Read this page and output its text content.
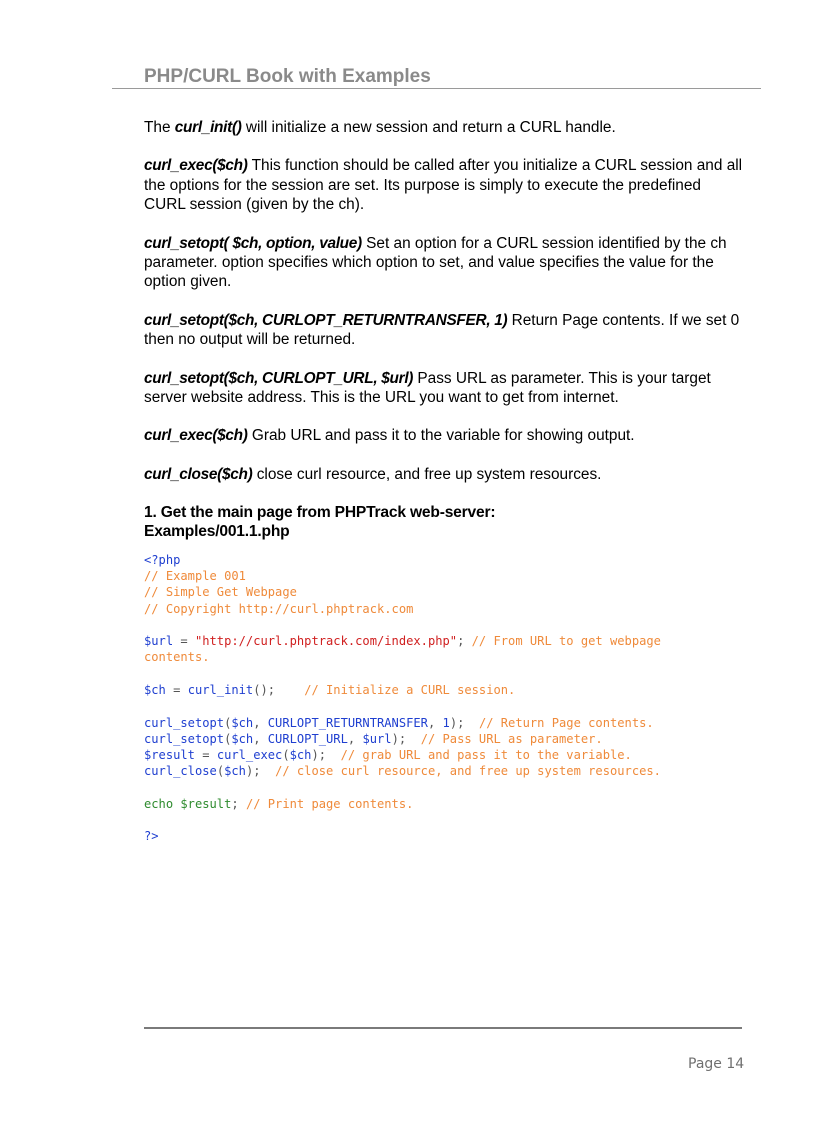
PHP/CURL Book with Examples

The curl_init() will initialize a new session and return a CURL handle.

curl_exec($ch) This function should be called after you initialize a CURL session and all the options for the session are set. Its purpose is simply to execute the predefined CURL session (given by the ch).

curl_setopt( $ch, option, value) Set an option for a CURL session identified by the ch parameter. option specifies which option to set, and value specifies the value for the option given.

curl_setopt($ch, CURLOPT_RETURNTRANSFER, 1) Return Page contents. If we set 0 then no output will be returned.

curl_setopt($ch, CURLOPT_URL, $url) Pass URL as parameter. This is your target server website address. This is the URL you want to get from internet.

curl_exec($ch) Grab URL and pass it to the variable for showing output.

curl_close($ch) close curl resource, and free up system resources.

1. Get the main page from PHPTrack web-server:
Examples/001.1.php
<?php
// Example 001
// Simple Get Webpage
// Copyright http://curl.phptrack.com
$url = "http://curl.phptrack.com/index.php"; // From URL to get webpage
contents.
$ch = curl_init();    // Initialize a CURL session.
curl_setopt($ch, CURLOPT_RETURNTRANSFER, 1);  // Return Page contents.
curl_setopt($ch, CURLOPT_URL, $url);  // Pass URL as parameter.
$result = curl_exec($ch);  // grab URL and pass it to the variable.
curl_close($ch);  // close curl resource, and free up system resources.
echo $result; // Print page contents.
?>
Page 14
